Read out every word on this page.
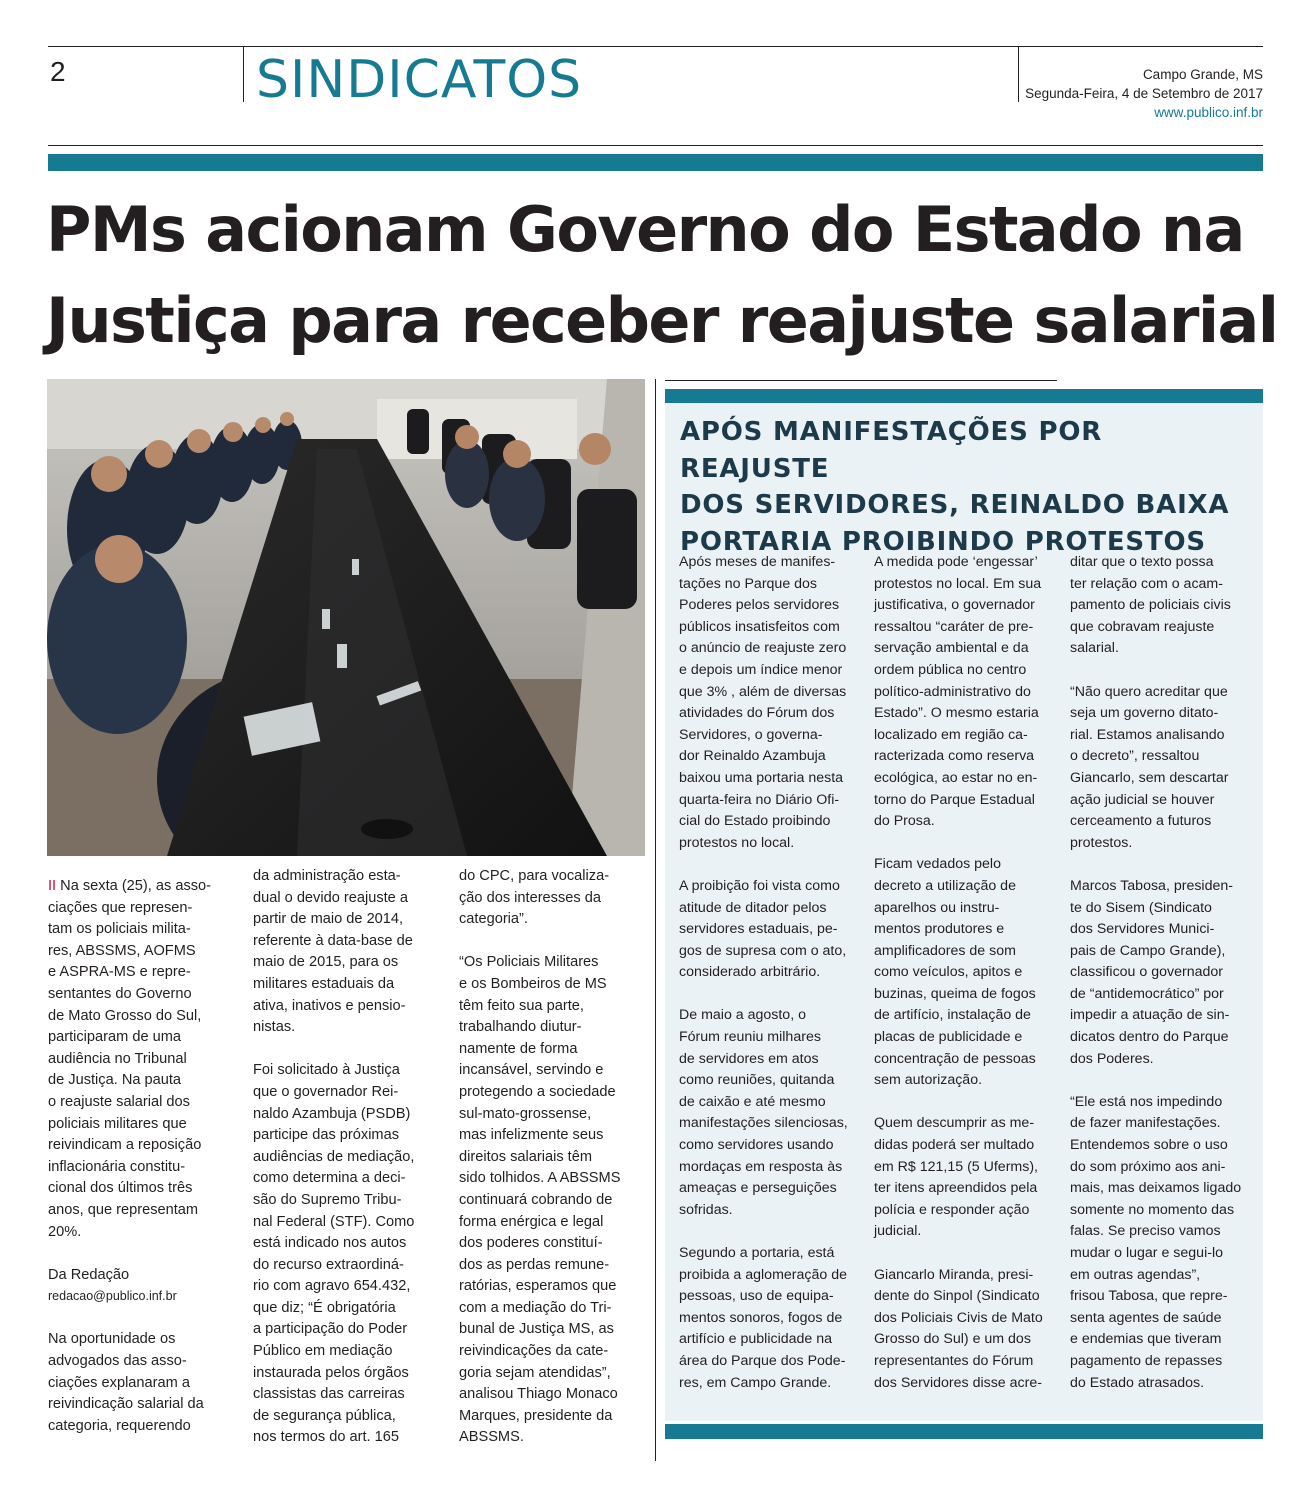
2	SINDICATOS	Campo Grande, MS
Segunda-Feira, 4 de Setembro de 2017
www.publico.inf.br
PMs acionam Governo do Estado na
Justiça para receber reajuste salarial

II Na sexta (25), as asso-

ciações que represen-

tam os policiais milita-

res, ABSSMS, AOFMS

e ASPRA-MS e repre-

sentantes do Governo

de Mato Grosso do Sul,

participaram de uma

audiência no Tribunal

de Justiça. Na pauta

o reajuste salarial dos

policiais militares que

reivindicam a reposição

inflacionária constitu-

cional dos últimos três

anos, que representam

20%.

Da Redação

redacao@publico.inf.br

Na oportunidade os

advogados das asso-

ciações explanaram a

reivindicação salarial da

categoria, requerendo

da administração esta-

dual o devido reajuste a

partir de maio de 2014,

referente à data-base de

maio de 2015, para os

militares estaduais da

ativa, inativos e pensio-

nistas.

Foi solicitado à Justiça

que o governador Rei-

naldo Azambuja (PSDB)

participe das próximas

audiências de mediação,

como determina a deci-

são do Supremo Tribu-

nal Federal (STF). Como

está indicado nos autos

do recurso extraordiná-

rio com agravo 654.432,

que diz; “É obrigatória

a participação do Poder

Público em mediação

instaurada pelos órgãos

classistas das carreiras

de segurança pública,

nos termos do art. 165

do CPC, para vocaliza-

ção dos interesses da

categoria”.

“Os Policiais Militares

e os Bombeiros de MS

têm feito sua parte,

trabalhando diutur-

namente de forma

incansável, servindo e

protegendo a sociedade

sul-mato-grossense,

mas infelizmente seus

direitos salariais têm

sido tolhidos. A ABSSMS

continuará cobrando de

forma enérgica e legal

dos poderes constituí-

dos as perdas remune-

ratórias, esperamos que

com a mediação do Tri-

bunal de Justiça MS, as

reivindicações da cate-

goria sejam atendidas”,

analisou Thiago Monaco

Marques, presidente da

ABSSMS.

APÓS MANIFESTAÇÕES POR REAJUSTE
DOS SERVIDORES, REINALDO BAIXA
PORTARIA PROIBINDO PROTESTOS

Após meses de manifes-

tações no Parque dos

Poderes pelos servidores

públicos insatisfeitos com

o anúncio de reajuste zero

e depois um índice menor

que 3% , além de diversas

atividades do Fórum dos

Servidores, o governa-

dor Reinaldo Azambuja

baixou uma portaria nesta

quarta-feira no Diário Ofi-

cial do Estado proibindo

protestos no local.

A proibição foi vista como

atitude de ditador pelos

servidores estaduais, pe-

gos de supresa com o ato,

considerado arbitrário.

De maio a agosto, o

Fórum reuniu milhares

de servidores em atos

como reuniões, quitanda

de caixão e até mesmo

manifestações silenciosas,

como servidores usando

mordaças em resposta às

ameaças e perseguições

sofridas.

Segundo a portaria, está

proibida a aglomeração de

pessoas, uso de equipa-

mentos sonoros, fogos de

artifício e publicidade na

área do Parque dos Pode-

res, em Campo Grande.

A medida pode ‘engessar’

protestos no local. Em sua

justificativa, o governador

ressaltou “caráter de pre-

servação ambiental e da

ordem pública no centro

político-administrativo do

Estado”. O mesmo estaria

localizado em região ca-

racterizada como reserva

ecológica, ao estar no en-

torno do Parque Estadual

do Prosa.

Ficam vedados pelo

decreto a utilização de

aparelhos ou instru-

mentos produtores e

amplificadores de som

como veículos, apitos e

buzinas, queima de fogos

de artifício, instalação de

placas de publicidade e

concentração de pessoas

sem autorização.

Quem descumprir as me-

didas poderá ser multado

em R$ 121,15 (5 Uferms),

ter itens apreendidos pela

polícia e responder ação

judicial.

Giancarlo Miranda, presi-

dente do Sinpol (Sindicato

dos Policiais Civis de Mato

Grosso do Sul) e um dos

representantes do Fórum

dos Servidores disse acre-

ditar que o texto possa

ter relação com o acam-

pamento de policiais civis

que cobravam reajuste

salarial.

“Não quero acreditar que

seja um governo ditato-

rial. Estamos analisando

o decreto”, ressaltou

Giancarlo, sem descartar

ação judicial se houver

cerceamento a futuros

protestos.

Marcos Tabosa, presiden-

te do Sisem (Sindicato

dos Servidores Munici-

pais de Campo Grande),

classificou o governador

de “antidemocrático” por

impedir a atuação de sin-

dicatos dentro do Parque

dos Poderes.

“Ele está nos impedindo

de fazer manifestações.

Entendemos sobre o uso

do som próximo aos ani-

mais, mas deixamos ligado

somente no momento das

falas. Se preciso vamos

mudar o lugar e segui-lo

em outras agendas”,

frisou Tabosa, que repre-

senta agentes de saúde

e endemias que tiveram

pagamento de repasses

do Estado atrasados.
